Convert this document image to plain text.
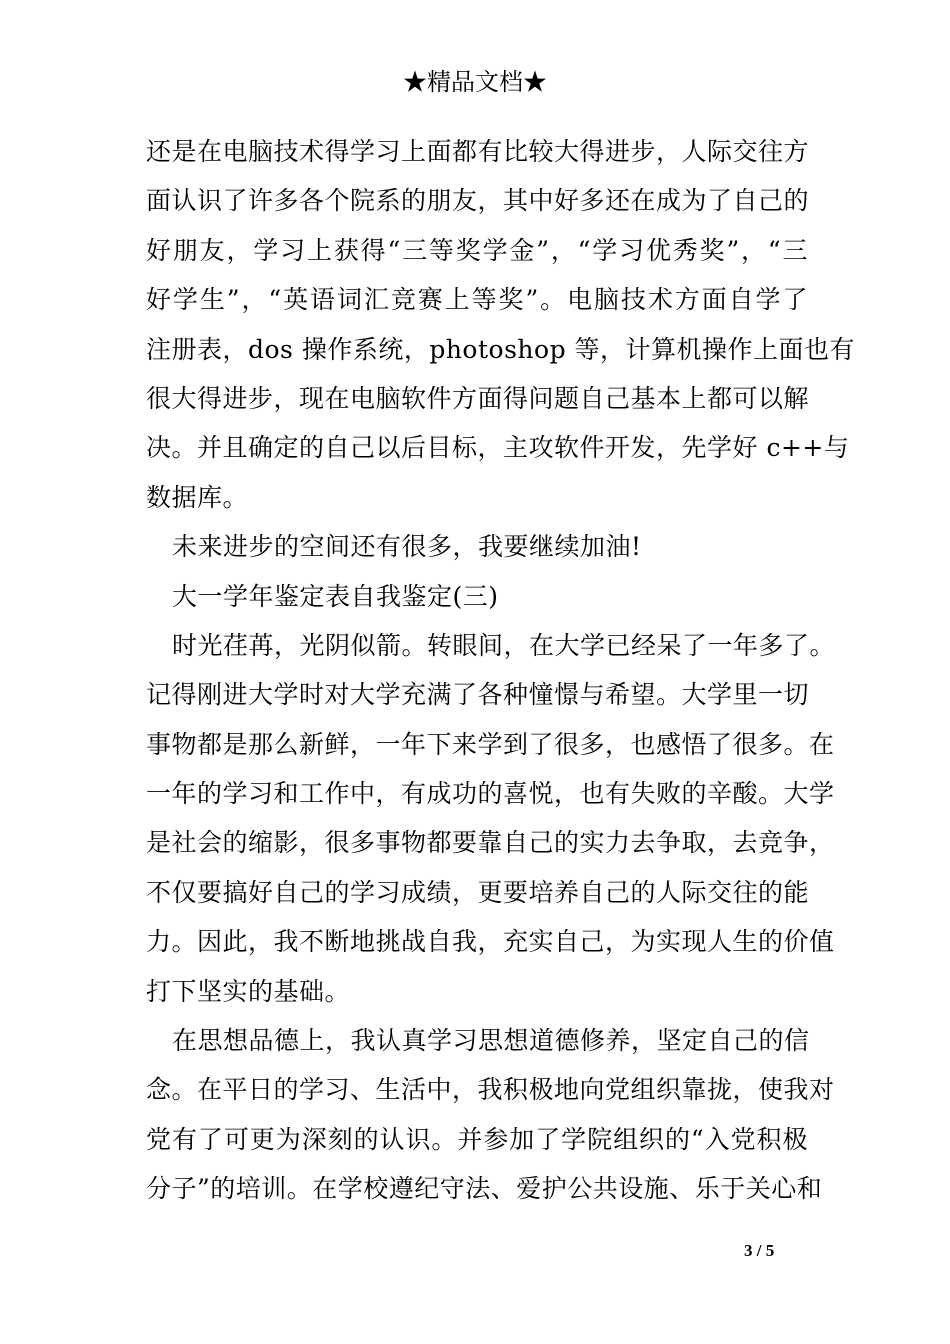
★精品文档★
还是在电脑技术得学习上面都有比较大得进步，人际交往方
面认识了许多各个院系的朋友，其中好多还在成为了自己的
好朋友，学习上获得“三等奖学金”，“学习优秀奖”，“三
好学生”，“英语词汇竞赛上等奖”。电脑技术方面自学了
注册表，dos 操作系统，photoshop 等，计算机操作上面也有
很大得进步，现在电脑软件方面得问题自己基本上都可以解
决。并且确定的自己以后目标，主攻软件开发，先学好 c++与
数据库。
未来进步的空间还有很多，我要继续加油!
大一学年鉴定表自我鉴定(三)
时光荏苒，光阴似箭。转眼间，在大学已经呆了一年多了。
记得刚进大学时对大学充满了各种憧憬与希望。大学里一切
事物都是那么新鲜，一年下来学到了很多，也感悟了很多。在
一年的学习和工作中，有成功的喜悦，也有失败的辛酸。大学
是社会的缩影，很多事物都要靠自己的实力去争取，去竞争，
不仅要搞好自己的学习成绩，更要培养自己的人际交往的能
力。因此，我不断地挑战自我，充实自己，为实现人生的价值
打下坚实的基础。
在思想品德上，我认真学习思想道德修养，坚定自己的信
念。在平日的学习、生活中，我积极地向党组织靠拢，使我对
党有了可更为深刻的认识。并参加了学院组织的“入党积极
分子”的培训。在学校遵纪守法、爱护公共设施、乐于关心和
3 / 5
